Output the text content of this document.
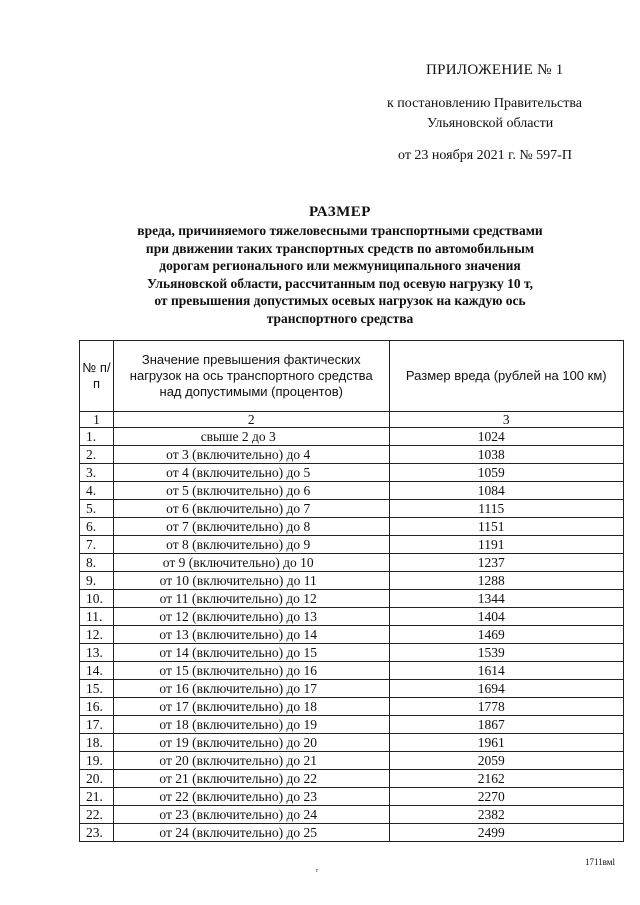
ПРИЛОЖЕНИЕ № 1
к постановлению Правительства
Ульяновской области
от 23 ноября 2021 г. № 597-П
РАЗМЕР
вреда, причиняемого тяжеловесными транспортными средствами
при движении таких транспортных средств по автомобильным
дорогам регионального или межмуниципального значения
Ульяновской области, рассчитанным под осевую нагрузку 10 т,
от превышения допустимых осевых нагрузок на каждую ось
транспортного средства
№ п/п	Значение превышения фактических нагрузок на ось транспортного средства над допустимыми (процентов)	Размер вреда (рублей на 100 км)
1	2	3
1.	свыше 2 до 3	1024
2.	от 3 (включительно) до 4	1038
3.	от 4 (включительно) до 5	1059
4.	от 5 (включительно) до 6	1084
5.	от 6 (включительно) до 7	1115
6.	от 7 (включительно) до 8	1151
7.	от 8 (включительно) до 9	1191
8.	от 9 (включительно) до 10	1237
9.	от 10 (включительно) до 11	1288
10.	от 11 (включительно) до 12	1344
11.	от 12 (включительно) до 13	1404
12.	от 13 (включительно) до 14	1469
13.	от 14 (включительно) до 15	1539
14.	от 15 (включительно) до 16	1614
15.	от 16 (включительно) до 17	1694
16.	от 17 (включительно) до 18	1778
17.	от 18 (включительно) до 19	1867
18.	от 19 (включительно) до 20	1961
19.	от 20 (включительно) до 21	2059
20.	от 21 (включительно) до 22	2162
21.	от 22 (включительно) до 23	2270
22.	от 23 (включительно) до 24	2382
23.	от 24 (включительно) до 25	2499
ᵣ
1711вмl
